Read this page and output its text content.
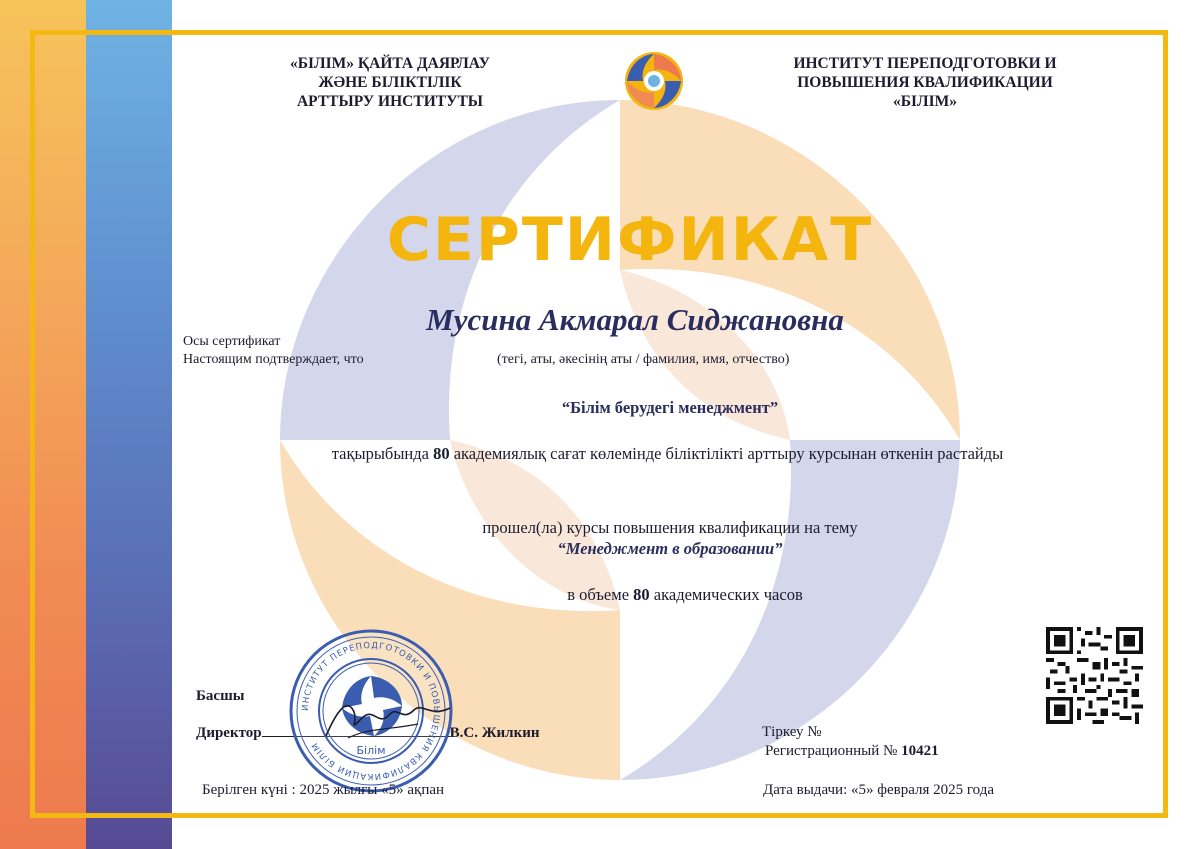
«БІЛІМ» ҚАЙТА ДАЯРЛАУ
ЖӘНЕ БІЛІКТІЛІК
АРТТЫРУ ИНСТИТУТЫ
ИНСТИТУТ ПЕРЕПОДГОТОВКИ И
ПОВЫШЕНИЯ КВАЛИФИКАЦИИ
«БІЛІМ»
СЕРТИФИКАТ
Мусина Акмарал Сиджановна
Осы сертификат
Настоящим подтверждает, что	(тегі, аты, әкесінің аты / фамилия, имя, отчество)
“Білім берудегі менеджмент”
тақырыбында 80 академиялық сағат көлемінде біліктілікті арттыру курсынан өткенін растайды
прошел(ла) курсы повышения квалификации на тему
“Менеджмент в образовании”
в объеме 80 академических часов
Басшы
Директор	В.С. Жилкин
ИНСТИТУТ ПЕРЕПОДГОТОВКИ И ПОВЫШЕНИЯ КВАЛИФИКАЦИИ БІЛІМ	Білім
Тіркеу №
Регистрационный № 10421
Берілген күні : 2025 жылғы «5» ақпан	Дата выдачи: «5» февраля 2025 года
